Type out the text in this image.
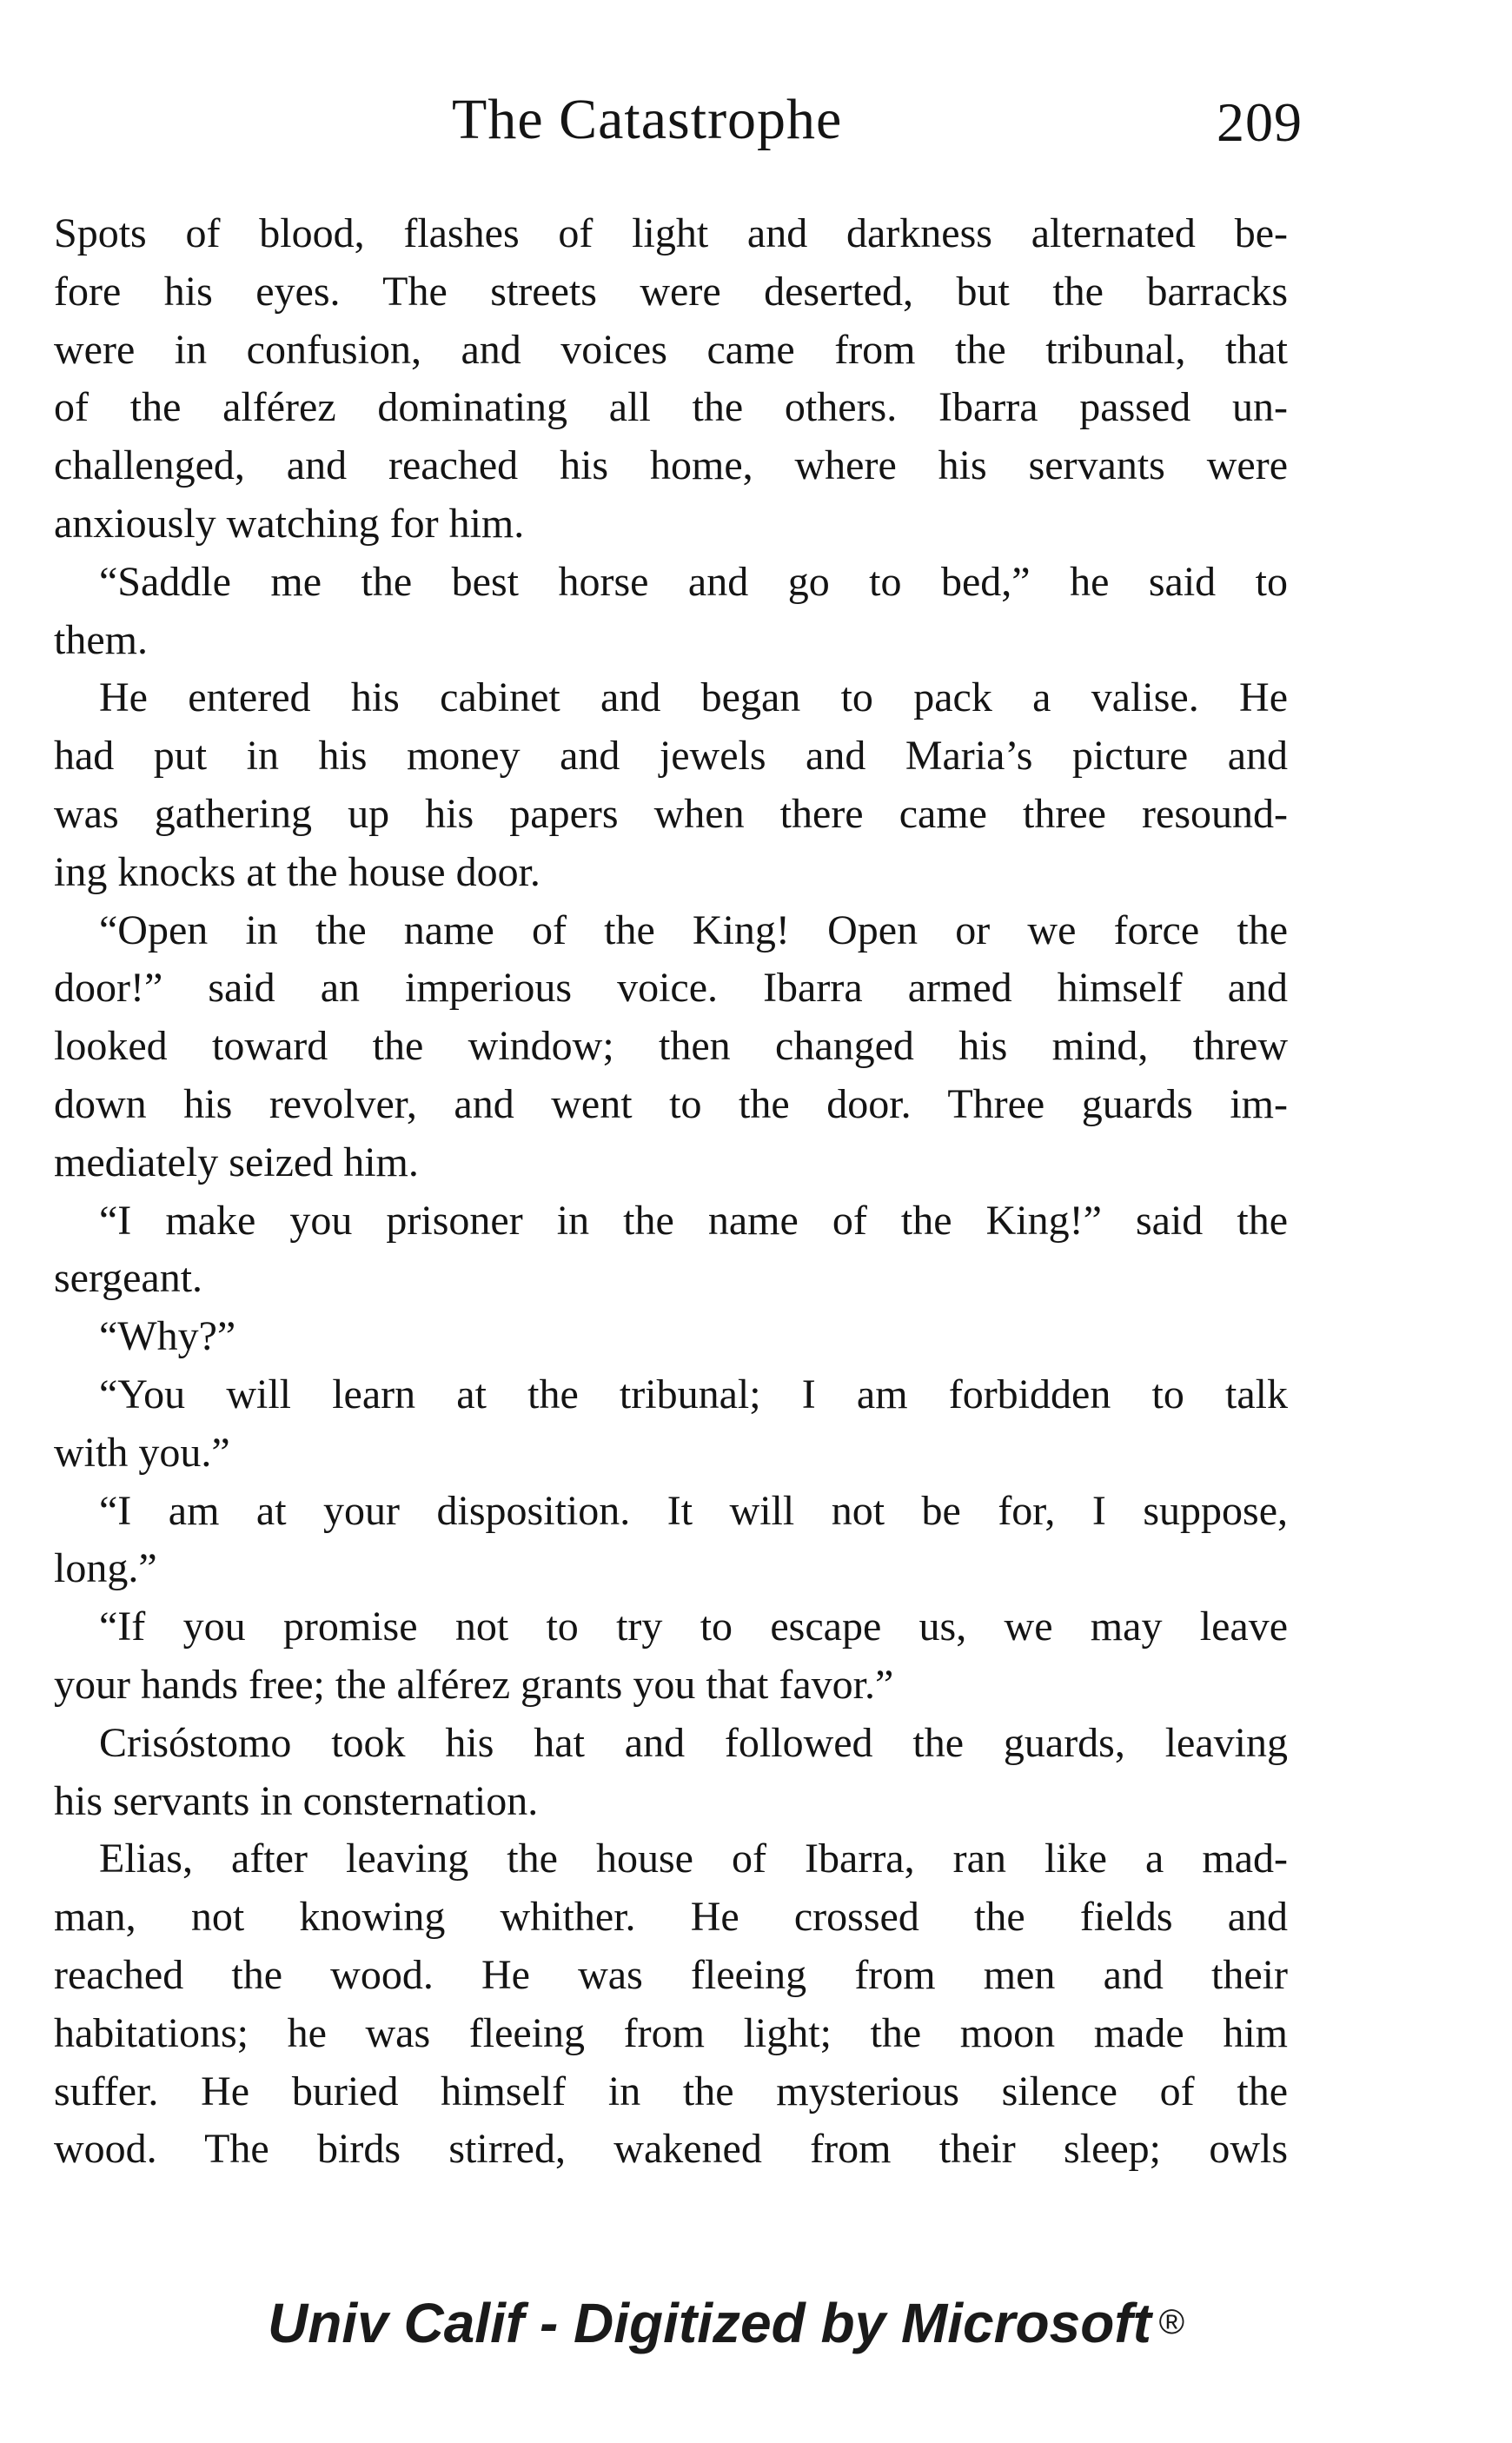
The Catastrophe	209
Spots of blood, flashes of light and darkness alternated be-
fore his eyes. The streets were deserted, but the barracks
were in confusion, and voices came from the tribunal, that
of the alférez dominating all the others. Ibarra passed un-
challenged, and reached his home, where his servants were
anxiously watching for him.
“Saddle me the best horse and go to bed,” he said to
them.
He entered his cabinet and began to pack a valise. He
had put in his money and jewels and Maria’s picture and
was gathering up his papers when there came three resound-
ing knocks at the house door.
“Open in the name of the King! Open or we force the
door!” said an imperious voice. Ibarra armed himself and
looked toward the window; then changed his mind, threw
down his revolver, and went to the door. Three guards im-
mediately seized him.
“I make you prisoner in the name of the King!” said the
sergeant.
“Why?”
“You will learn at the tribunal; I am forbidden to talk
with you.”
“I am at your disposition. It will not be for, I suppose,
long.”
“If you promise not to try to escape us, we may leave
your hands free; the alférez grants you that favor.”
Crisóstomo took his hat and followed the guards, leaving
his servants in consternation.
Elias, after leaving the house of Ibarra, ran like a mad-
man, not knowing whither. He crossed the fields and
reached the wood. He was fleeing from men and their
habitations; he was fleeing from light; the moon made him
suffer. He buried himself in the mysterious silence of the
wood. The birds stirred, wakened from their sleep; owls
Univ Calif - Digitized by Microsoft ®
